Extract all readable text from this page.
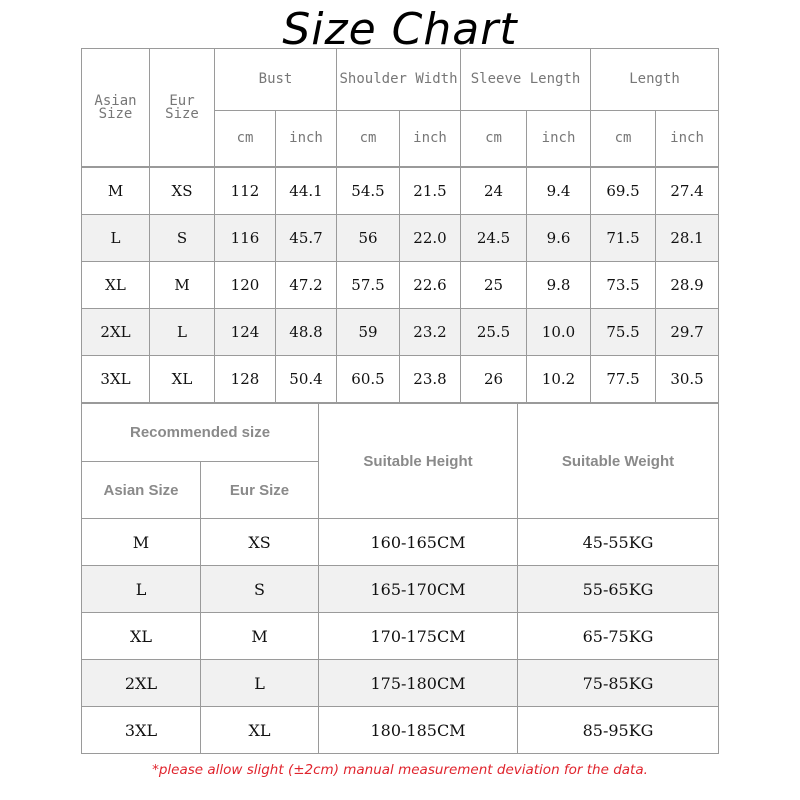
Size Chart
Asian Size	Eur Size	Bust		Shoulder Width		Sleeve Length		Length	
		cm	inch	cm	inch	cm	inch	cm	inch
M	XS	112	44.1	54.5	21.5	24	9.4	69.5	27.4
L	S	116	45.7	56	22.0	24.5	9.6	71.5	28.1
XL	M	120	47.2	57.5	22.6	25	9.8	73.5	28.9
2XL	L	124	48.8	59	23.2	25.5	10.0	75.5	29.7
3XL	XL	128	50.4	60.5	23.8	26	10.2	77.5	30.5
Recommended size		Suitable Height	Suitable Weight
Asian Size	Eur Size		
M	XS	160-165CM	45-55KG
L	S	165-170CM	55-65KG
XL	M	170-175CM	65-75KG
2XL	L	175-180CM	75-85KG
3XL	XL	180-185CM	85-95KG
*please allow slight (±2cm) manual measurement deviation for the data.
